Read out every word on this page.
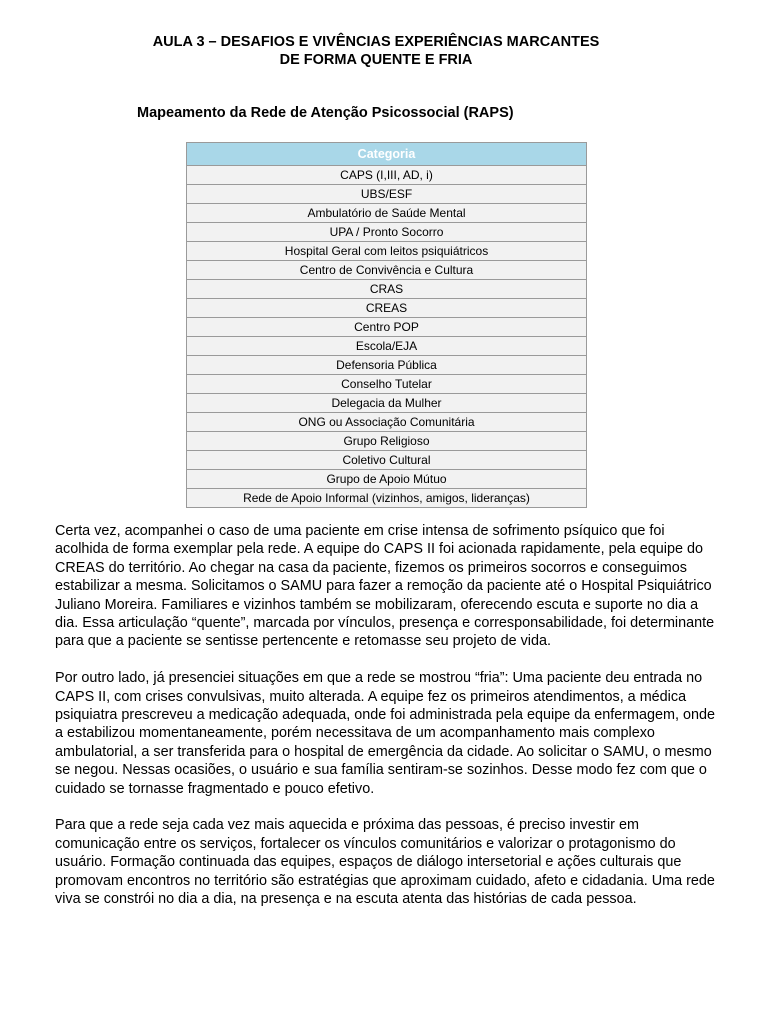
AULA 3 – DESAFIOS E VIVÊNCIAS EXPERIÊNCIAS MARCANTES
DE FORMA QUENTE E FRIA
Mapeamento da Rede de Atenção Psicossocial (RAPS)
Categoria
CAPS (I,III, AD, i)
UBS/ESF
Ambulatório de Saúde Mental
UPA / Pronto Socorro
Hospital Geral com leitos psiquiátricos
Centro de Convivência e Cultura
CRAS
CREAS
Centro POP
Escola/EJA
Defensoria Pública
Conselho Tutelar
Delegacia da Mulher
ONG ou Associação Comunitária
Grupo Religioso
Coletivo Cultural
Grupo de Apoio Mútuo
Rede de Apoio Informal (vizinhos, amigos, lideranças)

Certa vez, acompanhei o caso de uma paciente em crise intensa de sofrimento psíquico que foi acolhida de forma exemplar pela rede. A equipe do CAPS II foi acionada rapidamente, pela equipe do CREAS do território. Ao chegar na casa da paciente, fizemos os primeiros socorros e conseguimos estabilizar a mesma. Solicitamos o SAMU para fazer a remoção da paciente até o Hospital Psiquiátrico Juliano Moreira. Familiares e vizinhos também se mobilizaram, oferecendo escuta e suporte no dia a dia. Essa articulação “quente”, marcada por vínculos, presença e corresponsabilidade, foi determinante para que a paciente se sentisse pertencente e retomasse seu projeto de vida.

Por outro lado, já presenciei situações em que a rede se mostrou “fria”: Uma paciente deu entrada no CAPS II, com crises convulsivas, muito alterada. A equipe fez os primeiros atendimentos, a médica psiquiatra prescreveu a medicação adequada, onde foi administrada pela equipe da enfermagem, onde a estabilizou momentaneamente, porém necessitava de um acompanhamento mais complexo ambulatorial, a ser transferida para o hospital de emergência da cidade. Ao solicitar o SAMU, o mesmo se negou. Nessas ocasiões, o usuário e sua família sentiram-se sozinhos. Desse modo fez com que o cuidado se tornasse fragmentado e pouco efetivo.

Para que a rede seja cada vez mais aquecida e próxima das pessoas, é preciso investir em comunicação entre os serviços, fortalecer os vínculos comunitários e valorizar o protagonismo do usuário. Formação continuada das equipes, espaços de diálogo intersetorial e ações culturais que promovam encontros no território são estratégias que aproximam cuidado, afeto e cidadania. Uma rede viva se constrói no dia a dia, na presença e na escuta atenta das histórias de cada pessoa.
